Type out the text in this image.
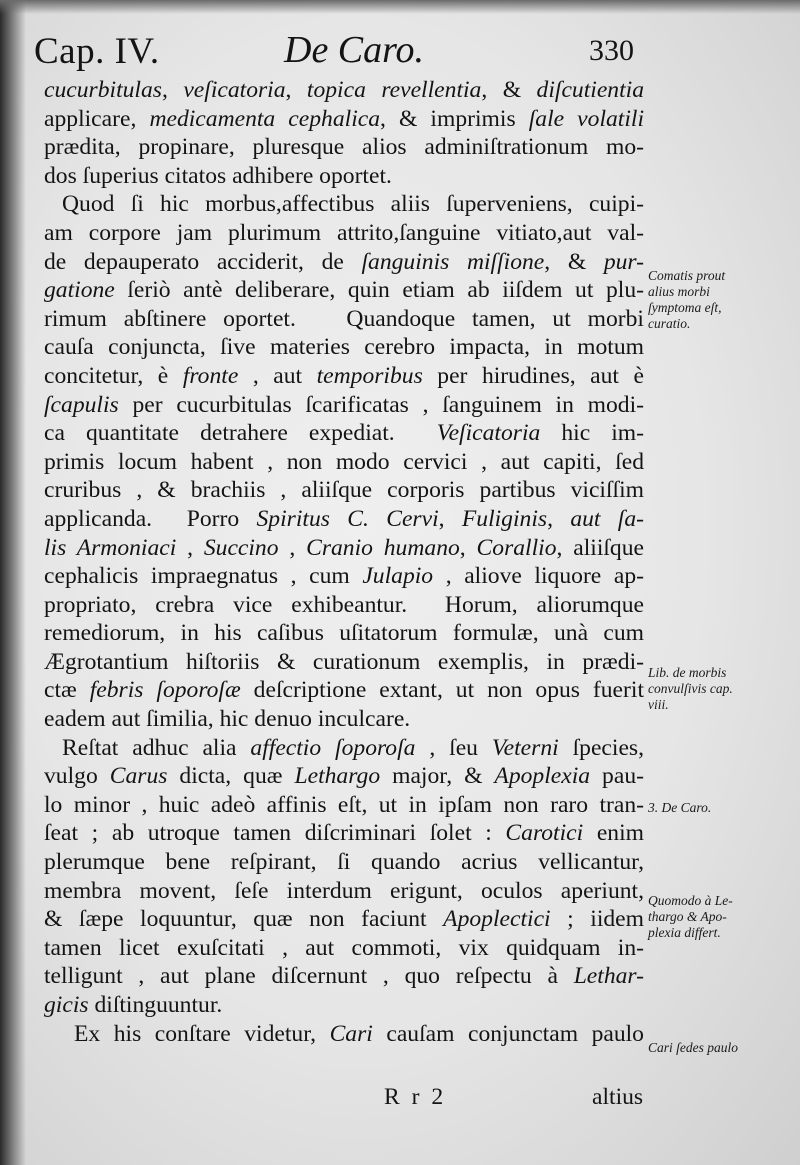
Cap. IV.	De Caro.	330
cucurbitulas, veſicatoria, topica revellentia, & diſcutientia
applicare, medicamenta cephalica, & imprimis ſale volatili
prædita, propinare, pluresque alios adminiſtrationum mo-
dos ſuperius citatos adhibere oportet.
Quod ſi hic morbus,affectibus aliis ſuperveniens, cuipi-
am corpore jam plurimum attrito,ſanguine vitiato,aut val-
de depauperato acciderit, de ſanguinis miſſione, & pur-
gatione ſeriò antè deliberare, quin etiam ab iiſdem ut plu-
rimum abſtinere oportet.   Quandoque tamen, ut morbi
cauſa conjuncta, ſive materies cerebro impacta, in motum
concitetur, è fronte , aut temporibus per hirudines, aut è
ſcapulis per cucurbitulas ſcarificatas , ſanguinem in modi-
ca quantitate detrahere expediat.  Veſicatoria hic im-
primis locum habent , non modo cervici , aut capiti, ſed
cruribus , & brachiis , aliiſque corporis partibus viciſſim
applicanda.  Porro Spiritus C. Cervi, Fuliginis, aut ſa-
lis Armoniaci , Succino , Cranio humano, Corallio, aliiſque
cephalicis impraegnatus , cum Julapio , aliove liquore ap-
propriato, crebra vice exhibeantur.  Horum, aliorumque
remediorum, in his caſibus uſitatorum formulæ, unà cum
Ægrotantium hiſtoriis & curationum exemplis, in prædi-
ctæ febris ſoporoſæ deſcriptione extant, ut non opus fuerit
eadem aut ſimilia, hic denuo inculcare.
Reſtat adhuc alia affectio ſoporoſa , ſeu Veterni ſpecies,
vulgo Carus dicta, quæ Lethargo major, & Apoplexia pau-
lo minor , huic adeò affinis eſt, ut in ipſam non raro tran-
ſeat ; ab utroque tamen diſcriminari ſolet : Carotici enim
plerumque bene reſpirant, ſi quando acrius vellicantur,
membra movent, ſeſe interdum erigunt, oculos aperiunt,
& ſæpe loquuntur, quæ non faciunt Apoplectici ; iidem
tamen licet exuſcitati , aut commoti, vix quidquam in-
telligunt , aut plane diſcernunt , quo reſpectu à Lethar-
gicis diſtinguuntur.
Ex his conſtare videtur, Cari cauſam conjunctam paulo
Comatis prout
alius morbi
ſymptoma eſt,
curatio.
Lib. de morbis
convulſivis cap.
viii.
3. De Caro.
Quomodo à Le-
thargo & Apo-
plexia differt.
Cari ſedes paulo
R r 2	altius
